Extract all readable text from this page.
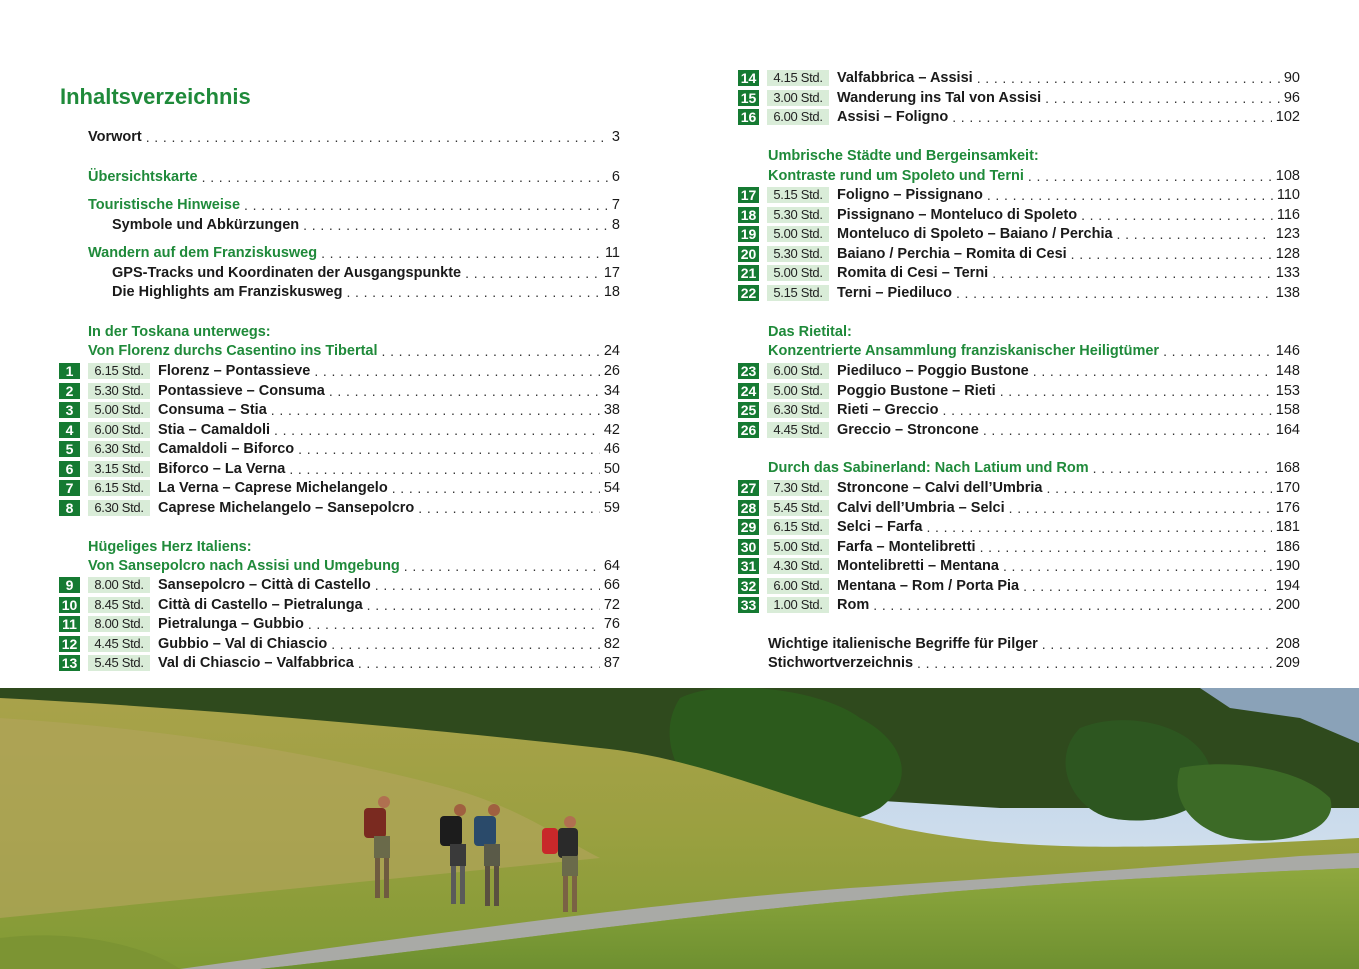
Inhaltsverzeichnis
Vorwort . . .	3
Übersichtskarte . . .	6
Touristische Hinweise . . .	7
Symbole und Abkürzungen . . .	8
Wandern auf dem Franziskusweg . . .	11
GPS-Tracks und Koordinaten der Ausgangspunkte . . .	17
Die Highlights am Franziskusweg . . .	18
In der Toskana unterwegs:
Von Florenz durchs Casentino ins Tibertal . . .	24
1	6.15 Std. Florenz – Pontassieve . . .	26
2	5.30 Std. Pontassieve – Consuma . . .	34
3	5.00 Std. Consuma – Stia . . .	38
4	6.00 Std. Stia – Camaldoli . . .	42
5	6.30 Std. Camaldoli – Biforco . . .	46
6	3.15 Std. Biforco – La Verna . . .	50
7	6.15 Std. La Verna – Caprese Michelangelo . . .	54
8	6.30 Std. Caprese Michelangelo – Sansepolcro . . .	59
Hügeliges Herz Italiens:
Von Sansepolcro nach Assisi und Umgebung . . .	64
9	8.00 Std. Sansepolcro – Città di Castello . . .	66
10	8.45 Std. Città di Castello – Pietralunga . . .	72
11	8.00 Std. Pietralunga – Gubbio . . .	76
12	4.45 Std. Gubbio – Val di Chiascio . . .	82
13	5.45 Std. Val di Chiascio – Valfabbrica . . .	87
14	4.15 Std. Valfabbrica – Assisi . . .	90
15	3.00 Std. Wanderung ins Tal von Assisi . . .	96
16	6.00 Std. Assisi – Foligno . . .	102
Umbrische Städte und Bergeinsamkeit:
Kontraste rund um Spoleto und Terni . . .	108
17	5.15 Std. Foligno – Pissignano . . .	110
18	5.30 Std. Pissignano – Monteluco di Spoleto . . .	116
19	5.00 Std. Monteluco di Spoleto – Baiano / Perchia . . .	123
20	5.30 Std. Baiano / Perchia – Romita di Cesi . . .	128
21	5.00 Std. Romita di Cesi – Terni . . .	133
22	5.15 Std. Terni – Piediluco . . .	138
Das Rietital:
Konzentrierte Ansammlung franziskanischer Heiligtümer . . .	146
23	6.00 Std. Piediluco – Poggio Bustone . . .	148
24	5.00 Std. Poggio Bustone – Rieti . . .	153
25	6.30 Std. Rieti – Greccio . . .	158
26	4.45 Std. Greccio – Stroncone . . .	164
Durch das Sabinerland: Nach Latium und Rom . . .	168
27	7.30 Std. Stroncone – Calvi dell’Umbria . . .	170
28	5.45 Std. Calvi dell’Umbria – Selci . . .	176
29	6.15 Std. Selci – Farfa . . .	181
30	5.00 Std. Farfa – Montelibretti . . .	186
31	4.30 Std. Montelibretti – Mentana . . .	190
32	6.00 Std. Mentana – Rom / Porta Pia . . .	194
33	1.00 Std. Rom . . .	200
Wichtige italienische Begriffe für Pilger . . .	208
Stichwortverzeichnis . . .	209
